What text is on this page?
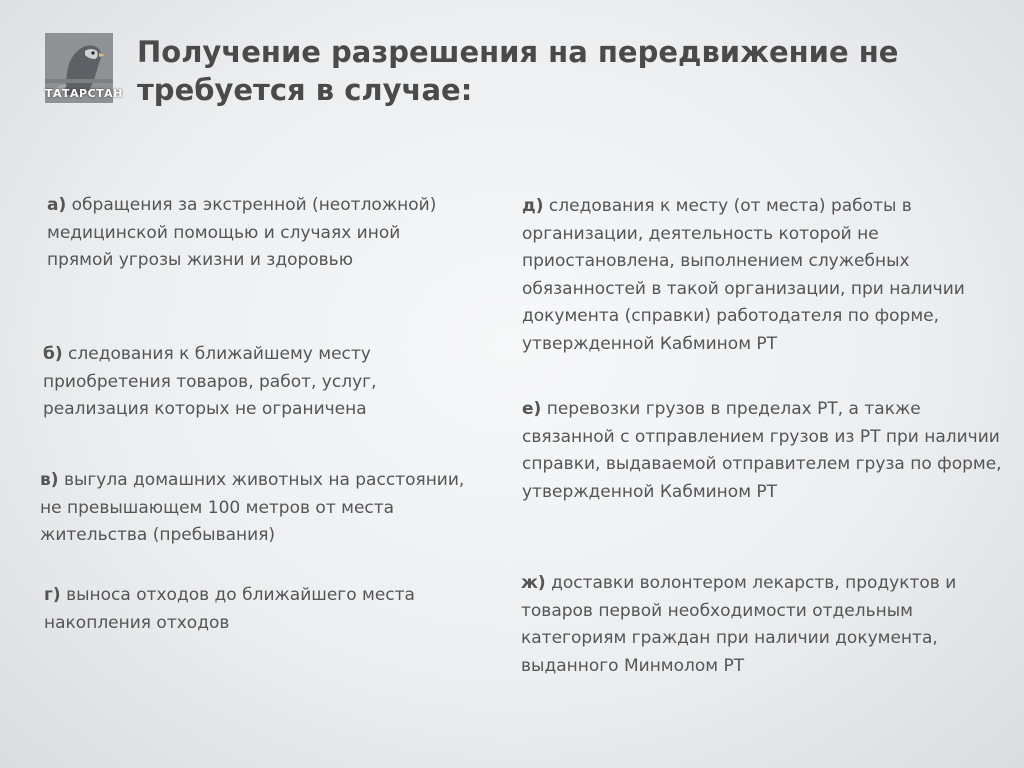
ТАТАРСТАН
Получение разрешения на передвижение не требуется в случае:

а) обращения за экстренной (неотложной) медицинской помощью и случаях иной прямой угрозы жизни и здоровью

б) следования к ближайшему месту приобретения товаров, работ, услуг, реализация которых не ограничена

в) выгула домашних животных на расстоянии, не превышающем 100 метров от места жительства (пребывания)

г) выноса отходов до ближайшего места накопления отходов

д) следования к месту (от места) работы в организации, деятельность которой не приостановлена, выполнением служебных обязанностей в такой организации, при наличии документа (справки) работодателя по форме, утвержденной Кабмином РТ

е) перевозки грузов в пределах РТ, а также связанной с отправлением грузов из РТ при наличии справки, выдаваемой отправителем груза по форме, утвержденной Кабмином РТ

ж) доставки волонтером лекарств, продуктов и товаров первой необходимости отдельным категориям граждан при наличии документа, выданного Минмолом РТ
